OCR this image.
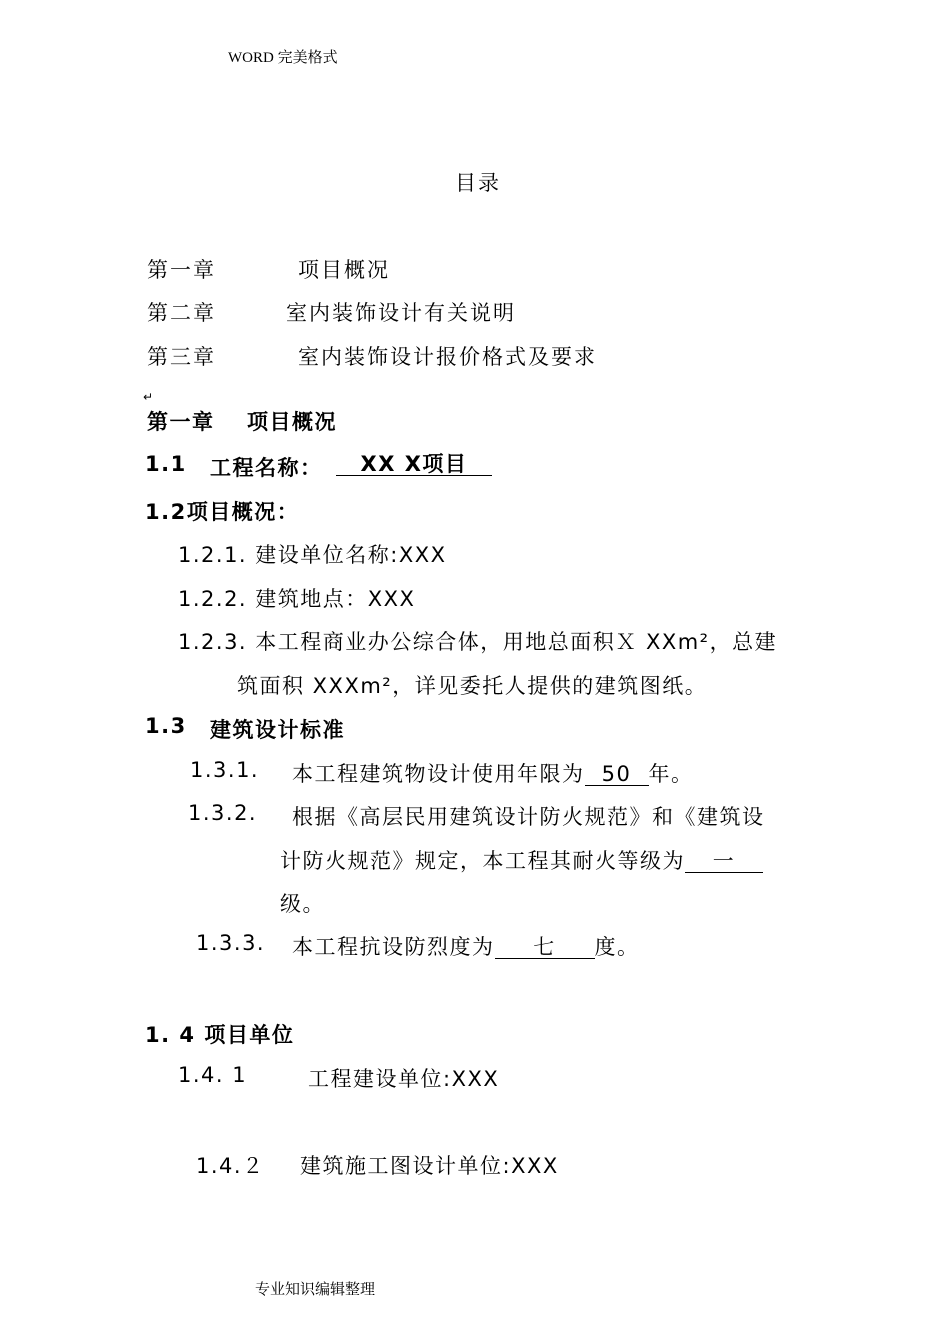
WORD 完美格式
目录
第一章	项目概况
第二章	室内装饰设计有关说明
第三章	室内装饰设计报价格式及要求
↵
第一章 项目概况
1.1 工程名称：	XX X项目
1.2项目概况：
1.2.1. 建设单位名称:XXX
1.2.2. 建筑地点：XXX
1.2.3. 本工程商业办公综合体，用地总面积Ｘ XXm²，总建
筑面积 XXXm²，详见委托人提供的建筑图纸。
1.3 建筑设计标准
1.3.1. 本工程建筑物设计使用年限为 50 年。
1.3.2. 根据《高层民用建筑设计防火规范》和《建筑设
计防火规范》规定，本工程其耐火等级为 一
级。
1.3.3. 本工程抗设防烈度为 七 度。
1. 4 项目单位
1.4. 1	工程建设单位:XXX
1.4.２ 建筑施工图设计单位:XXX
专业知识编辑整理
